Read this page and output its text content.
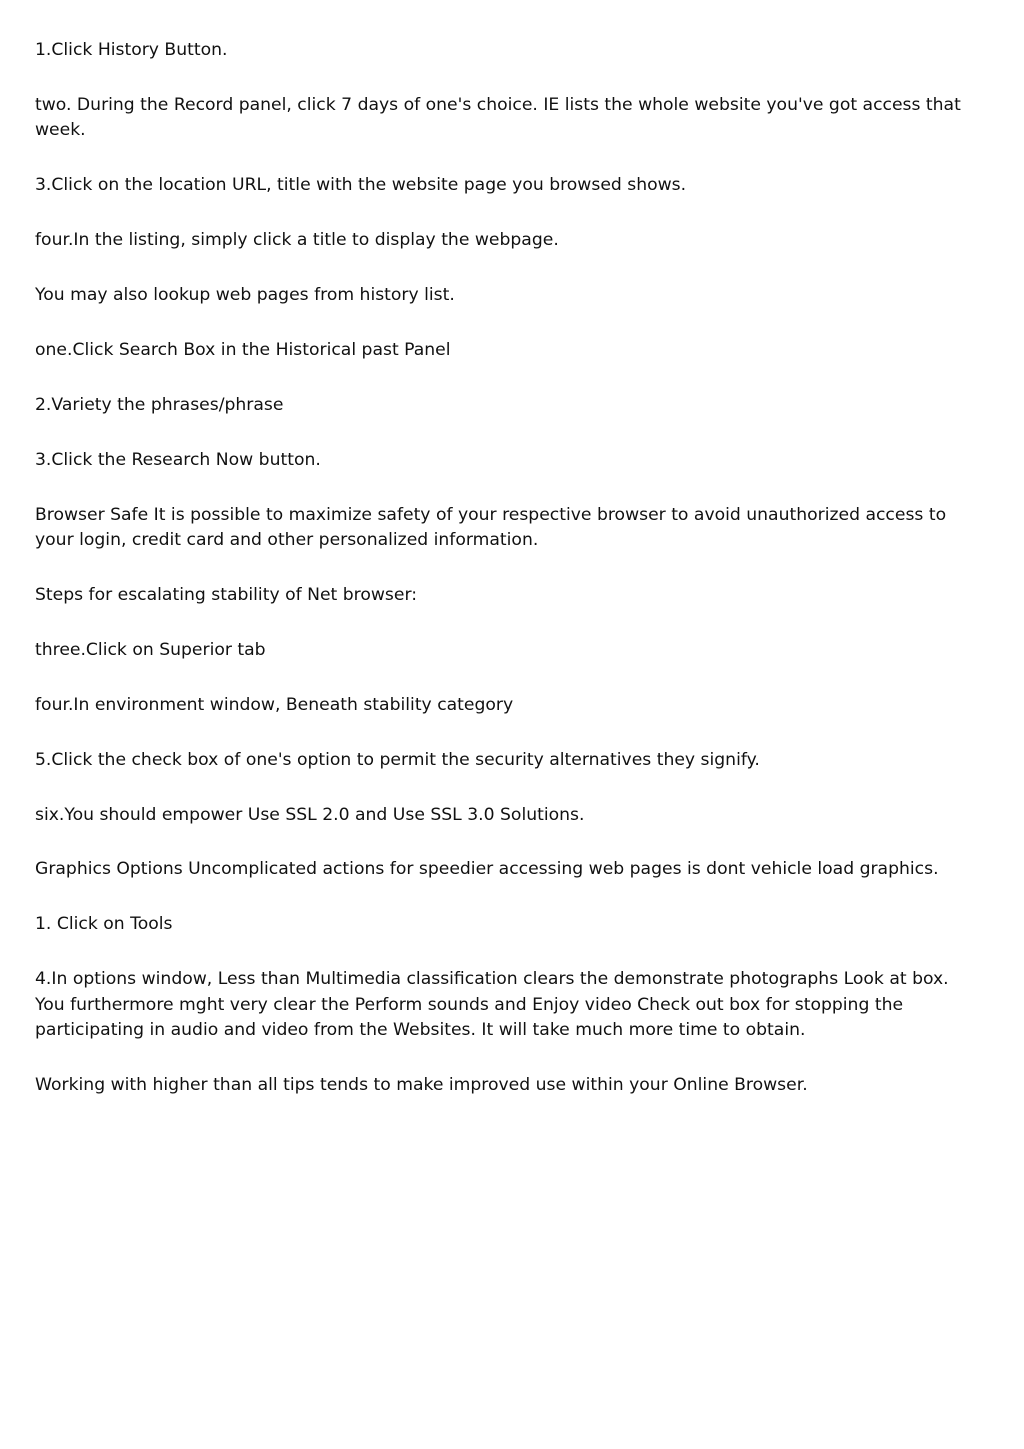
1.Click History Button.

two. During the Record panel, click 7 days of one's choice. IE lists the whole website you've got access that week.

3.Click on the location URL, title with the website page you browsed shows.

four.In the listing, simply click a title to display the webpage.

You may also lookup web pages from history list.

one.Click Search Box in the Historical past Panel

2.Variety the phrases/phrase

3.Click the Research Now button.

Browser Safe It is possible to maximize safety of your respective browser to avoid unauthorized access to your login, credit card and other personalized information.

Steps for escalating stability of Net browser:

three.Click on Superior tab

four.In environment window, Beneath stability category

5.Click the check box of one's option to permit the security alternatives they signify.

six.You should empower Use SSL 2.0 and Use SSL 3.0 Solutions.

Graphics Options Uncomplicated actions for speedier accessing web pages is dont vehicle load graphics.

1. Click on Tools

4.In options window, Less than Multimedia classification clears the demonstrate photographs Look at box. You furthermore mght very clear the Perform sounds and Enjoy video Check out box for stopping the participating in audio and video from the Websites. It will take much more time to obtain.

Working with higher than all tips tends to make improved use within your Online Browser.
